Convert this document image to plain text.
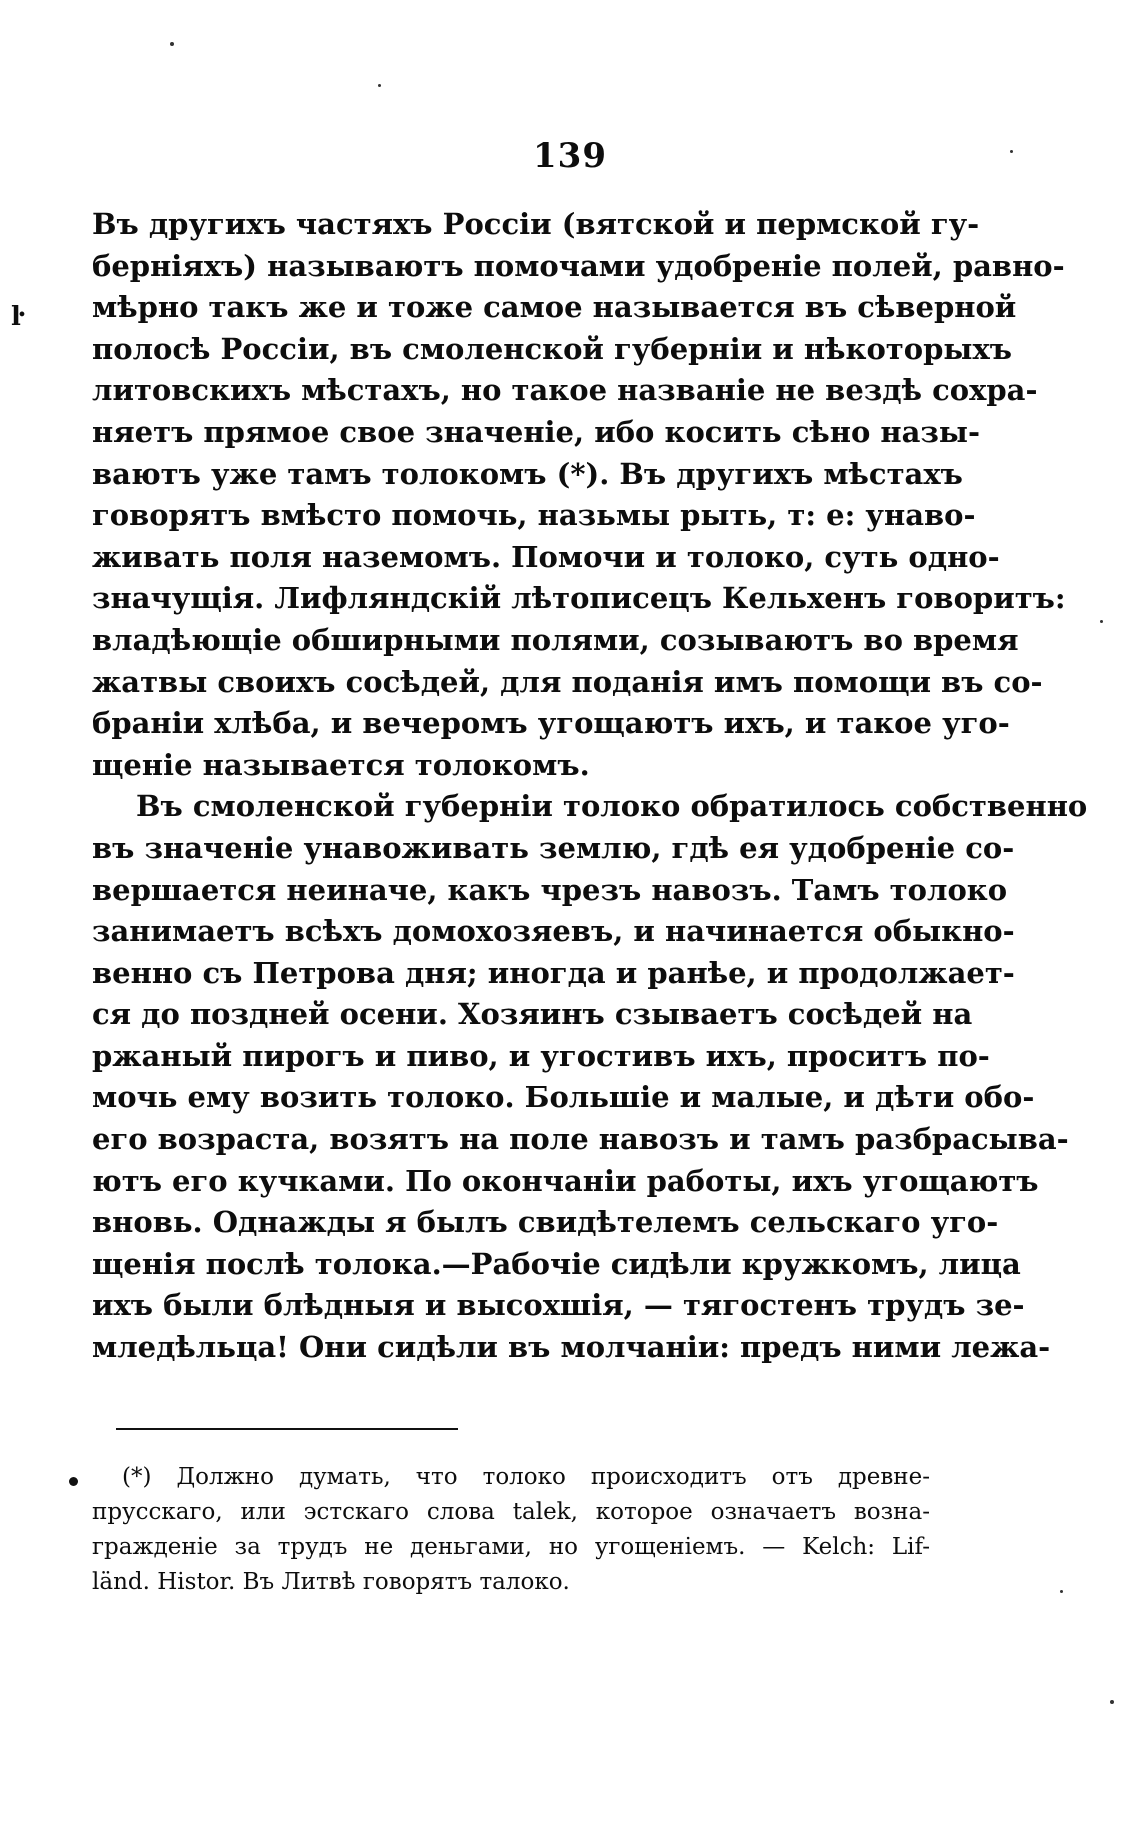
139
ŀ
Въ другихъ частяхъ Россіи (вятской и пермской гу-
берніяхъ) называютъ помочами удобреніе полей, равно-
мѣрно такъ же и тоже самое называется въ сѣверной
полосѣ Россіи, въ смоленской губерніи и нѣкоторыхъ
литовскихъ мѣстахъ, но такое названіе не вездѣ сохра-
няетъ прямое свое значеніе, ибо косить сѣно назы-
ваютъ уже тамъ толокомъ (*). Въ другихъ мѣстахъ
говорятъ вмѣсто помочь, назьмы рыть, т: е: унаво-
живать поля наземомъ. Помочи и толоко, суть одно-
значущія. Лифляндскій лѣтописецъ Кельхенъ говоритъ:
владѣющіе обширными полями, созываютъ во время
жатвы своихъ сосѣдей, для поданія имъ помощи въ со-
браніи хлѣба, и вечеромъ угощаютъ ихъ, и такое уго-
щеніе называется толокомъ.
Въ смоленской губерніи толоко обратилось собственно
въ значеніе унавоживать землю, гдѣ ея удобреніе со-
вершается неиначе, какъ чрезъ навозъ. Тамъ толоко
занимаетъ всѣхъ домохозяевъ, и начинается обыкно-
венно съ Петрова дня; иногда и ранѣе, и продолжает-
ся до поздней осени. Хозяинъ сзываетъ сосѣдей на
ржаный пирогъ и пиво, и угостивъ ихъ, проситъ по-
мочь ему возить толоко. Большіе и малые, и дѣти обо-
его возраста, возятъ на поле навозъ и тамъ разбрасыва-
ютъ его кучками. По окончаніи работы, ихъ угощаютъ
вновь. Однажды я былъ свидѣтелемъ сельскаго уго-
щенія послѣ толока.—Рабочіе сидѣли кружкомъ, лица
ихъ были блѣдныя и высохшія, — тягостенъ трудъ зе-
мледѣльца! Они сидѣли въ молчаніи: предъ ними лежа-
(*) Должно думать, что толоко происходитъ отъ древне-
прусскаго, или эстскаго слова talek, которое означаетъ возна-
гражденіе за трудъ не деньгами, но угощеніемъ. — Kelch: Lif-
länd. Histor. Въ Литвѣ говорятъ талоко.
